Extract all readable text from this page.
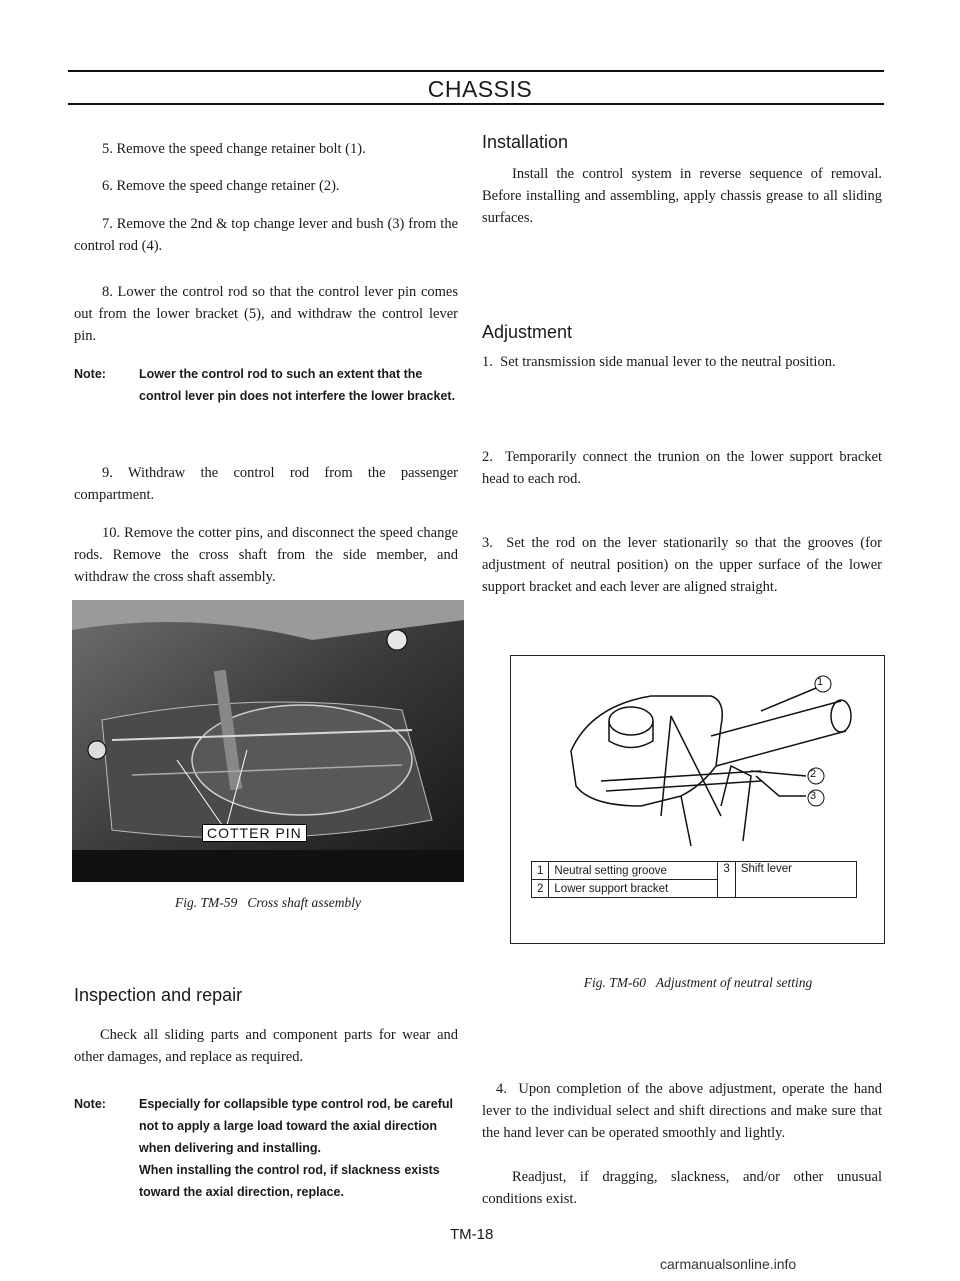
CHASSIS

5. Remove the speed change retainer bolt (1).

6. Remove the speed change retainer (2).

7. Remove the 2nd & top change lever and bush (3) from the control rod (4).

8. Lower the control rod so that the control lever pin comes out from the lower bracket (5), and withdraw the control lever pin.

Note:	Lower the control rod to such an extent that the control lever pin does not interfere the lower bracket.

9. Withdraw the control rod from the passenger compartment.

10. Remove the cotter pins, and disconnect the speed change rods. Remove the cross shaft from the side member, and withdraw the cross shaft assembly.

COTTER PIN
Fig. TM-59 Cross shaft assembly
Inspection and repair

Check all sliding parts and component parts for wear and other damages, and replace as required.

Note:	Especially for collapsible type control rod, be careful not to apply a large load toward the axial direction when delivering and installing.
When installing the control rod, if slackness exists toward the axial direction, replace.
Installation

Install the control system in reverse sequence of removal. Before installing and assembling, apply chassis grease to all sliding surfaces.

Adjustment

1. Set transmission side manual lever to the neutral position.

2. Temporarily connect the trunion on the lower support bracket head to each rod.

3. Set the rod on the lever stationarily so that the grooves (for adjustment of neutral position) on the upper surface of the lower support bracket and each lever are aligned straight.

1
2
3
1	Neutral setting groove	3	Shift lever
2	Lower support bracket		
Fig. TM-60 Adjustment of neutral setting

4. Upon completion of the above adjustment, operate the hand lever to the individual select and shift directions and make sure that the hand lever can be operated smoothly and lightly.

Readjust, if dragging, slackness, and/or other unusual conditions exist.

TM-18
carmanualsonline.info
